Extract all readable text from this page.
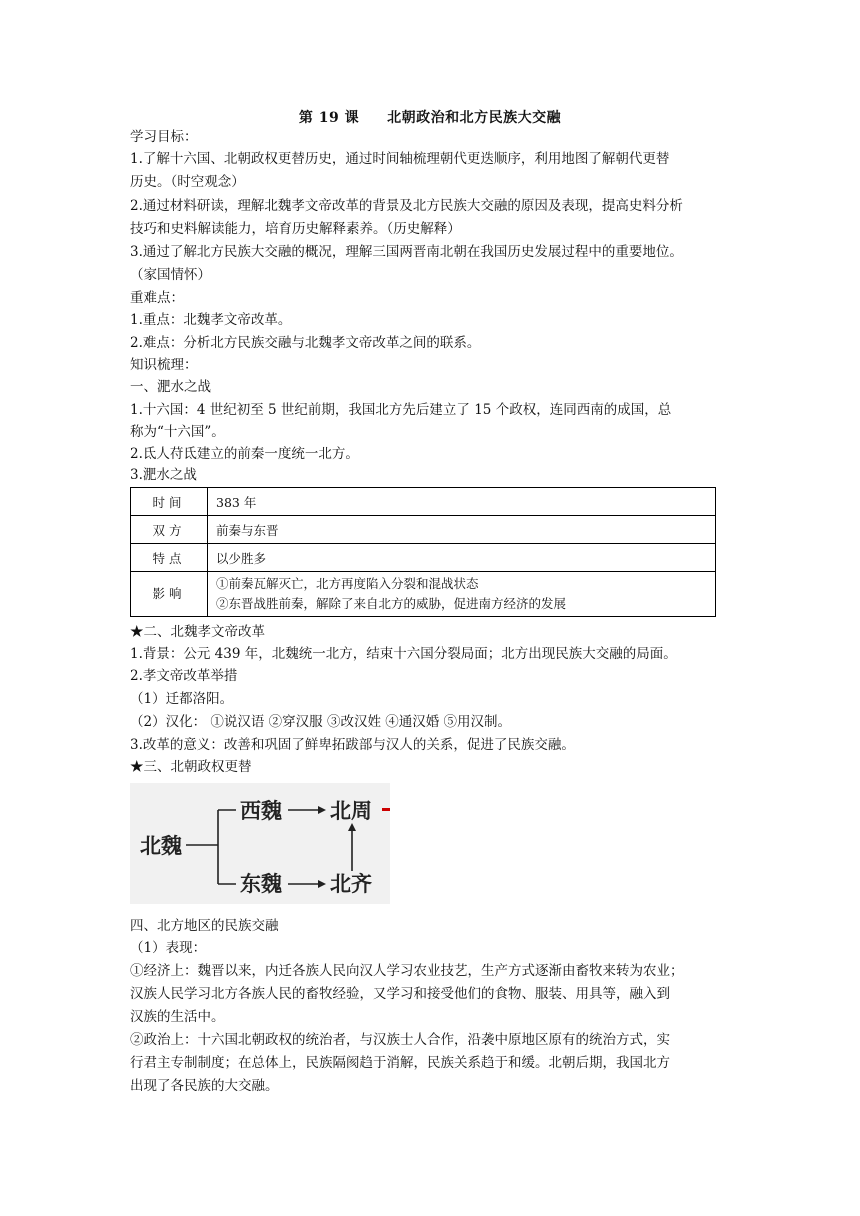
第 19 课 北朝政治和北方民族大交融
学习目标：
1.了解十六国、北朝政权更替历史，通过时间轴梳理朝代更迭顺序，利用地图了解朝代更替
历史。（时空观念）
2.通过材料研读，理解北魏孝文帝改革的背景及北方民族大交融的原因及表现，提高史料分析
技巧和史料解读能力，培育历史解释素养。（历史解释）
3.通过了解北方民族大交融的概况，理解三国两晋南北朝在我国历史发展过程中的重要地位。
（家国情怀）
重难点：
1.重点：北魏孝文帝改革。
2.难点：分析北方民族交融与北魏孝文帝改革之间的联系。
知识梳理：
一、淝水之战
1.十六国：4 世纪初至 5 世纪前期，我国北方先后建立了 15 个政权，连同西南的成国，总
称为“十六国”。
2.氐人苻氐建立的前秦一度统一北方。
3.淝水之战
时间	383 年
双方	前秦与东晋
特点	以少胜多
影响	①前秦瓦解灭亡，北方再度陷入分裂和混战状态
②东晋战胜前秦，解除了来自北方的威胁，促进南方经济的发展
★二、北魏孝文帝改革
1.背景：公元 439 年，北魏统一北方，结束十六国分裂局面；北方出现民族大交融的局面。
2.孝文帝改革举措
（1）迁都洛阳。
（2）汉化： ①说汉语 ②穿汉服 ③改汉姓 ④通汉婚 ⑤用汉制。
3.改革的意义：改善和巩固了鲜卑拓跋部与汉人的关系，促进了民族交融。
★三、北朝政权更替
北魏
西魏
东魏
北周
北齐
四、北方地区的民族交融
（1）表现：
①经济上：魏晋以来，内迁各族人民向汉人学习农业技艺，生产方式逐渐由畜牧来转为农业；
汉族人民学习北方各族人民的畜牧经验，又学习和接受他们的食物、服装、用具等，融入到
汉族的生活中。
②政治上：十六国北朝政权的统治者，与汉族士人合作，沿袭中原地区原有的统治方式，实
行君主专制制度；在总体上，民族隔阂趋于消解，民族关系趋于和缓。北朝后期，我国北方
出现了各民族的大交融。
